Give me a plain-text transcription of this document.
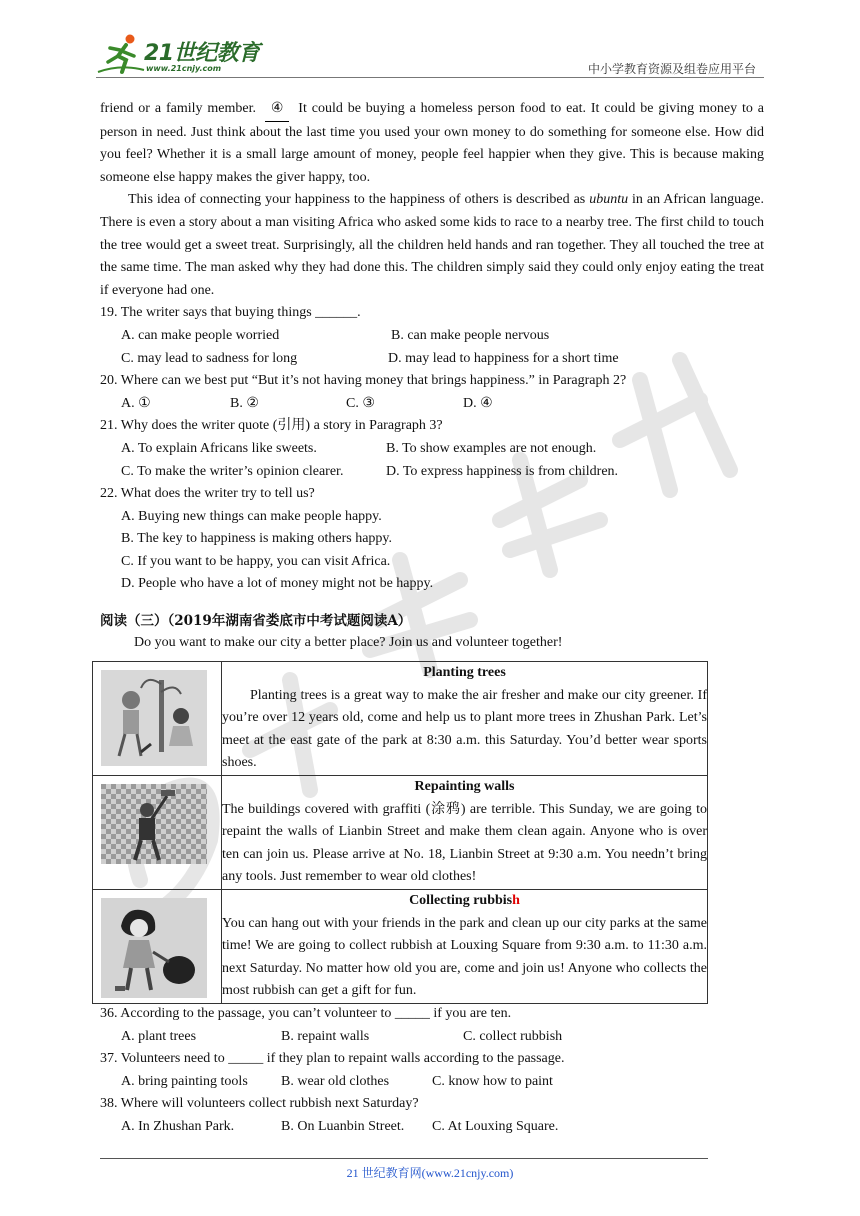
21世纪教育
www.21cnjy.com	中小学教育资源及组卷应用平台

friend or a family member. ④ It could be buying a homeless person food to eat. It could be giving money to a person in need. Just think about the last time you used your own money to do something for someone else. How did you feel? Whether it is a small large amount of money, people feel happier when they give. This is because making someone else happy makes the giver happy, too.

This idea of connecting your happiness to the happiness of others is described as ubuntu in an African language. There is even a story about a man visiting Africa who asked some kids to race to a nearby tree. The first child to touch the tree would get a sweet treat. Surprisingly, all the children held hands and ran together. They all touched the tree at the same time. The man asked why they had done this. The children simply said they could only enjoy eating the treat if everyone had one.

19. The writer says that buying things ______.
A. can make people worried	B. can make people nervous
C. may lead to sadness for long	D. may lead to happiness for a short time
20. Where can we best put “But it’s not having money that brings happiness.” in Paragraph 2?
A. ①	B. ②	C. ③	D. ④
21. Why does the writer quote (引用) a story in Paragraph 3?
A. To explain Africans like sweets.	B. To show examples are not enough.
C. To make the writer’s opinion clearer.	D. To express happiness is from children.
22. What does the writer try to tell us?
A. Buying new things can make people happy.
B. The key to happiness is making others happy.
C. If you want to be happy, you can visit Africa.
D. People who have a lot of money might not be happy.
阅读（三）（2019年湖南省娄底市中考试题阅读A）
Do you want to make our city a better place? Join us and volunteer together!

Planting trees
Planting trees is a great way to make the air fresher and make our city greener. If you’re over 12 years old, come and help us to plant more trees in Zhushan Park. Let’s meet at the east gate of the park at 8:30 a.m. this Saturday. You’d better wear sports shoes.

Repainting walls
The buildings covered with graffiti (涂鸦) are terrible. This Sunday, we are going to repaint the walls of Lianbin Street and make them clean again. Anyone who is over ten can join us. Please arrive at No. 18, Lianbin Street at 9:30 a.m. You needn’t bring any tools. Just remember to wear old clothes!

Collecting rubbish
You can hang out with your friends in the park and clean up our city parks at the same time! We are going to collect rubbish at Louxing Square from 9:30 a.m. to 11:30 a.m. next Saturday. No matter how old you are, come and join us! Anyone who collects the most rubbish can get a gift for fun.
36. According to the passage, you can’t volunteer to _____ if you are ten.
A. plant trees	B. repaint walls	C. collect rubbish
37. Volunteers need to _____ if they plan to repaint walls according to the passage.
A. bring painting tools B. wear old clothes	C. know how to paint
38. Where will volunteers collect rubbish next Saturday?
A. In Zhushan Park.	B. On Luanbin Street. C. At Louxing Square.
21 世纪教育网(www.21cnjy.com)
